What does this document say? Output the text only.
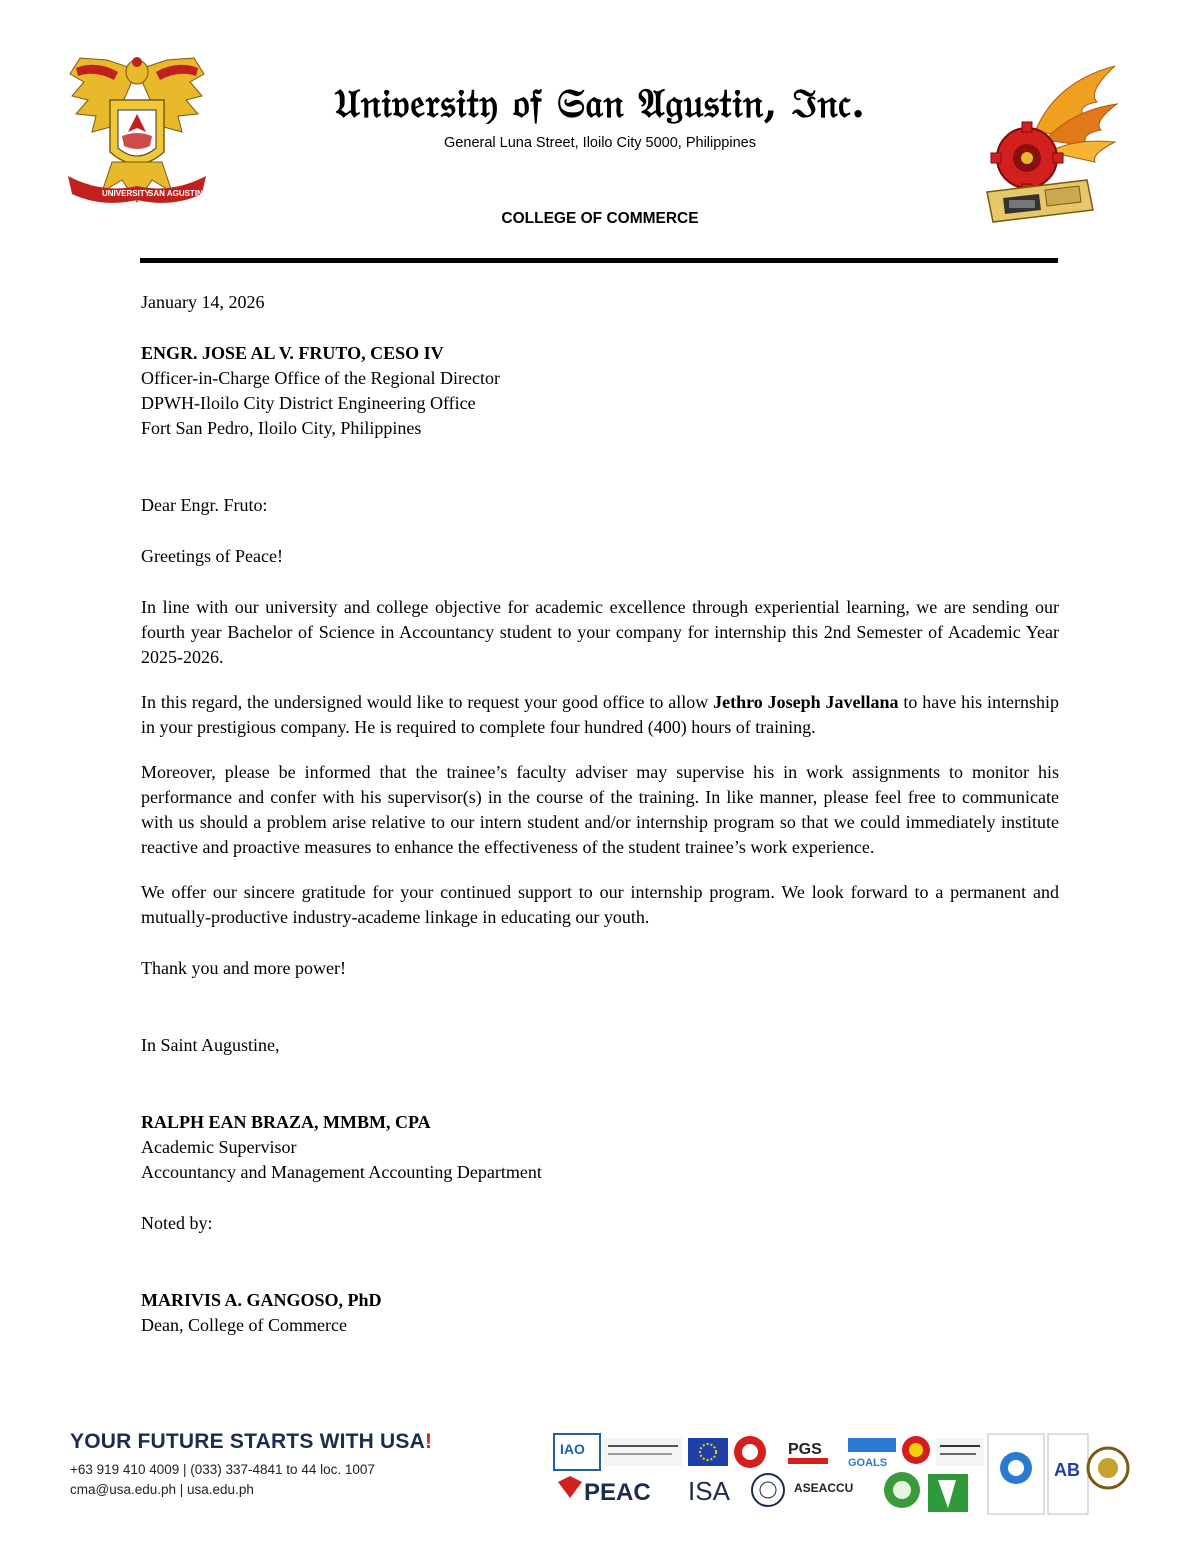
UNIVERSITY
SAN AGUSTIN
𝔘𝔫𝔦𝔳𝔢𝔯𝔰𝔦𝔱𝔶 𝔬𝔣 𝔖𝔞𝔫 𝔄𝔤𝔲𝔰𝔱𝔦𝔫, ℑ𝔫𝔠.
General Luna Street, Iloilo City 5000, Philippines
COLLEGE OF COMMERCE
January 14, 2026
ENGR. JOSE AL V. FRUTO, CESO IV
Officer-in-Charge Office of the Regional Director
DPWH-Iloilo City District Engineering Office
Fort San Pedro, Iloilo City, Philippines
Dear Engr. Fruto:
Greetings of Peace!
In line with our university and college objective for academic excellence through experiential learning, we are sending our fourth year Bachelor of Science in Accountancy student to your company for internship this 2nd Semester of Academic Year 2025-2026.
In this regard, the undersigned would like to request your good office to allow Jethro Joseph Javellana to have his internship in your prestigious company. He is required to complete four hundred (400) hours of training.
Moreover, please be informed that the trainee’s faculty adviser may supervise his in work assignments to monitor his performance and confer with his supervisor(s) in the course of the training. In like manner, please feel free to communicate with us should a problem arise relative to our intern student and/or internship program so that we could immediately institute reactive and proactive measures to enhance the effectiveness of the student trainee’s work experience.
We offer our sincere gratitude for your continued support to our internship program. We look forward to a permanent and mutually-productive industry-academe linkage in educating our youth.
Thank you and more power!
In Saint Augustine,
RALPH EAN BRAZA, MMBM, CPA
Academic Supervisor
Accountancy and Management Accounting Department
Noted by:
MARIVIS A. GANGOSO, PhD
Dean, College of Commerce
YOUR FUTURE STARTS WITH USA!
+63 919 410 4009 | (033) 337-4841 to 44 loc. 1007
cma@usa.edu.ph | usa.edu.ph
IAO	PGS
GOALS	AB
PEAC ISA	ASEACCU
